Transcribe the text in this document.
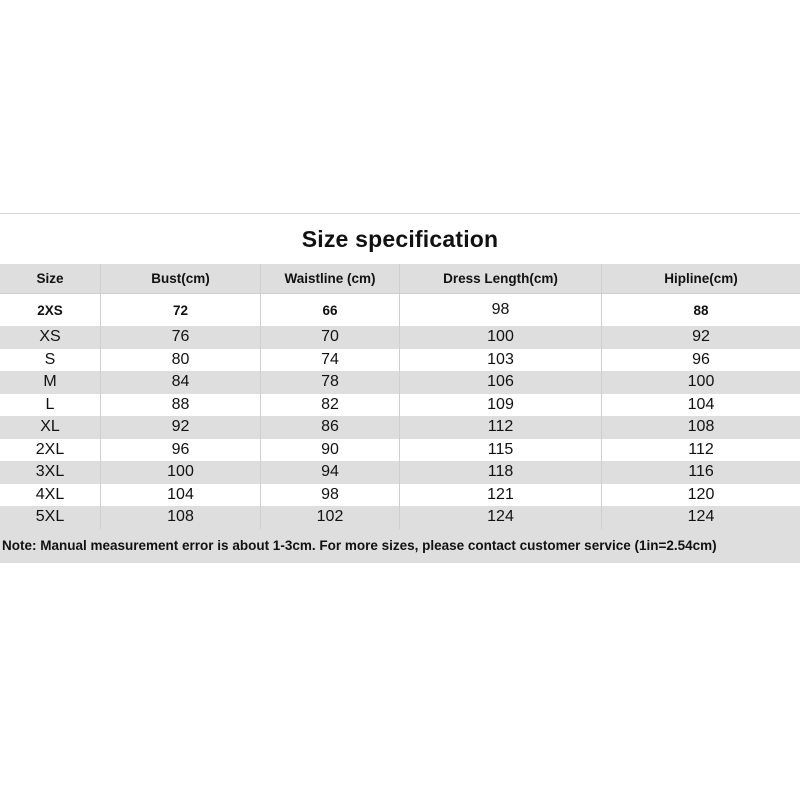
Size specification
Size	Bust(cm)	Waistline (cm)	Dress Length(cm)	Hipline(cm)
2XS	72	66	98	88
XS	76	70	100	92
S	80	74	103	96
M	84	78	106	100
L	88	82	109	104
XL	92	86	112	108
2XL	96	90	115	112
3XL	100	94	118	116
4XL	104	98	121	120
5XL	108	102	124	124
Note: Manual measurement error is about 1-3cm. For more sizes, please contact customer service (1in=2.54cm)
